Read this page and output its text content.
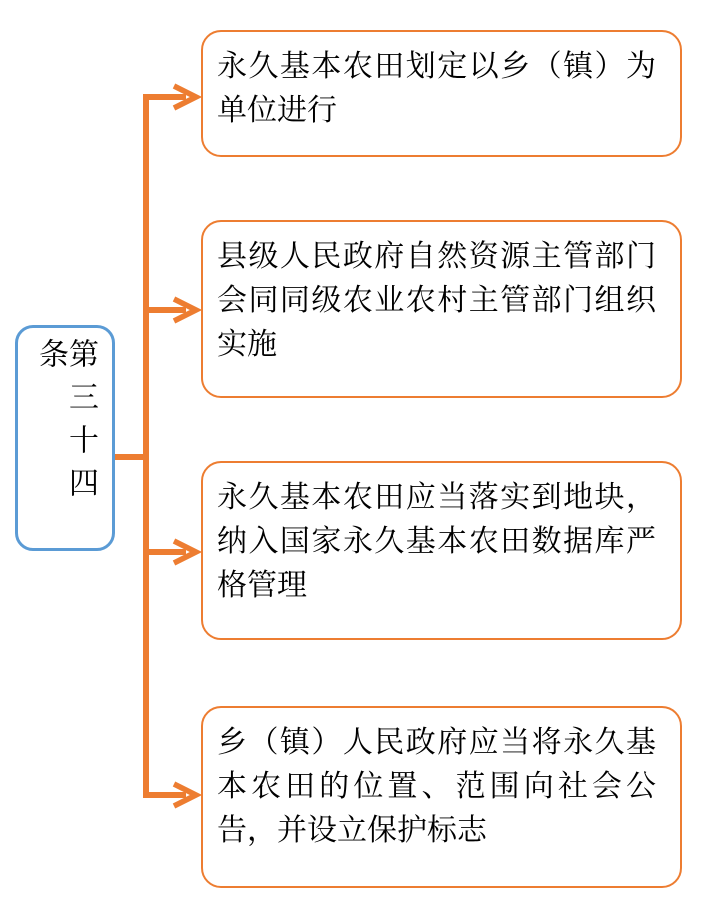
第三十四条
永久基本农田划定以乡（镇）为单位进行
县级人民政府自然资源主管部门会同同级农业农村主管部门组织实施
永久基本农田应当落实到地块，纳入国家永久基本农田数据库严格管理
乡（镇）人民政府应当将永久基本农田的位置、范围向社会公告，并设立保护标志
